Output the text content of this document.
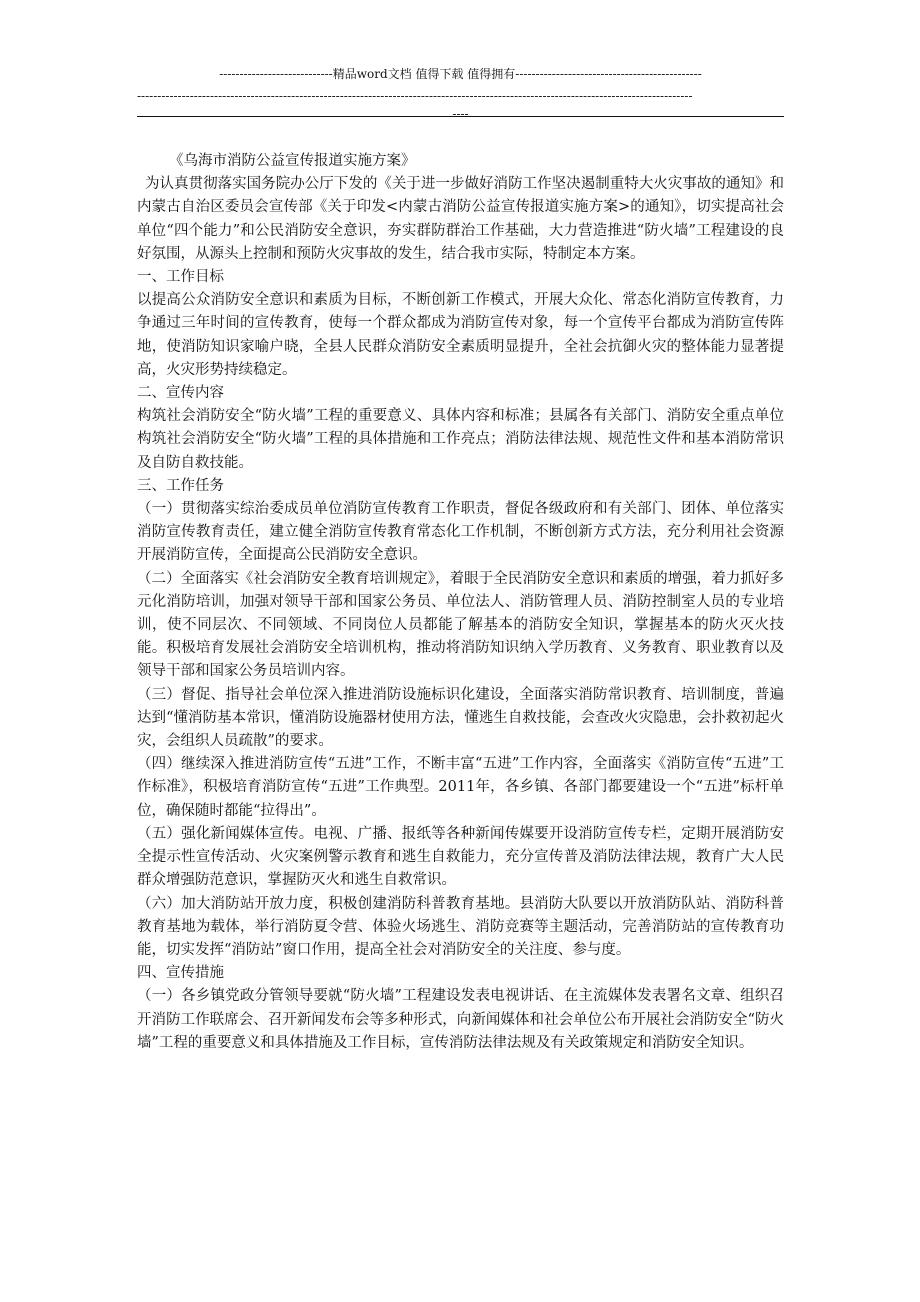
----------------------------精品word文档 值得下载 值得拥有----------------------------------------------
-----------------------------------------------------------------------------------------------------------------------------------------
----

《乌海市消防公益宣传报道实施方案》

为认真贯彻落实国务院办公厅下发的《关于进一步做好消防工作坚决遏制重特大火灾事故的通知》和内蒙古自治区委员会宣传部《关于印发<内蒙古消防公益宣传报道实施方案>的通知》，切实提高社会单位“四个能力”和公民消防安全意识，夯实群防群治工作基础，大力营造推进“防火墙”工程建设的良好氛围，从源头上控制和预防火灾事故的发生，结合我市实际，特制定本方案。

一、工作目标

以提高公众消防安全意识和素质为目标，不断创新工作模式，开展大众化、常态化消防宣传教育，力争通过三年时间的宣传教育，使每一个群众都成为消防宣传对象，每一个宣传平台都成为消防宣传阵地，使消防知识家喻户晓，全县人民群众消防安全素质明显提升，全社会抗御火灾的整体能力显著提高，火灾形势持续稳定。

二、宣传内容

构筑社会消防安全“防火墙”工程的重要意义、具体内容和标准；县属各有关部门、消防安全重点单位构筑社会消防安全“防火墙”工程的具体措施和工作亮点；消防法律法规、规范性文件和基本消防常识及自防自救技能。

三、工作任务

（一）贯彻落实综治委成员单位消防宣传教育工作职责，督促各级政府和有关部门、团体、单位落实消防宣传教育责任，建立健全消防宣传教育常态化工作机制，不断创新方式方法，充分利用社会资源开展消防宣传，全面提高公民消防安全意识。

（二）全面落实《社会消防安全教育培训规定》，着眼于全民消防安全意识和素质的增强，着力抓好多元化消防培训，加强对领导干部和国家公务员、单位法人、消防管理人员、消防控制室人员的专业培训，使不同层次、不同领域、不同岗位人员都能了解基本的消防安全知识，掌握基本的防火灭火技能。积极培育发展社会消防安全培训机构，推动将消防知识纳入学历教育、义务教育、职业教育以及领导干部和国家公务员培训内容。

（三）督促、指导社会单位深入推进消防设施标识化建设，全面落实消防常识教育、培训制度，普遍达到“懂消防基本常识，懂消防设施器材使用方法，懂逃生自救技能，会查改火灾隐患，会扑救初起火灾，会组织人员疏散”的要求。

（四）继续深入推进消防宣传“五进”工作，不断丰富“五进”工作内容，全面落实《消防宣传“五进”工作标准》，积极培育消防宣传“五进”工作典型。2011年，各乡镇、各部门都要建设一个“五进”标杆单位，确保随时都能“拉得出”。

（五）强化新闻媒体宣传。电视、广播、报纸等各种新闻传媒要开设消防宣传专栏，定期开展消防安全提示性宣传活动、火灾案例警示教育和逃生自救能力，充分宣传普及消防法律法规，教育广大人民群众增强防范意识，掌握防灭火和逃生自救常识。

（六）加大消防站开放力度，积极创建消防科普教育基地。县消防大队要以开放消防队站、消防科普教育基地为载体，举行消防夏令营、体验火场逃生、消防竞赛等主题活动，完善消防站的宣传教育功能，切实发挥“消防站”窗口作用，提高全社会对消防安全的关注度、参与度。

四、宣传措施

（一）各乡镇党政分管领导要就“防火墙”工程建设发表电视讲话、在主流媒体发表署名文章、组织召开消防工作联席会、召开新闻发布会等多种形式，向新闻媒体和社会单位公布开展社会消防安全“防火墙”工程的重要意义和具体措施及工作目标，宣传消防法律法规及有关政策规定和消防安全知识。
